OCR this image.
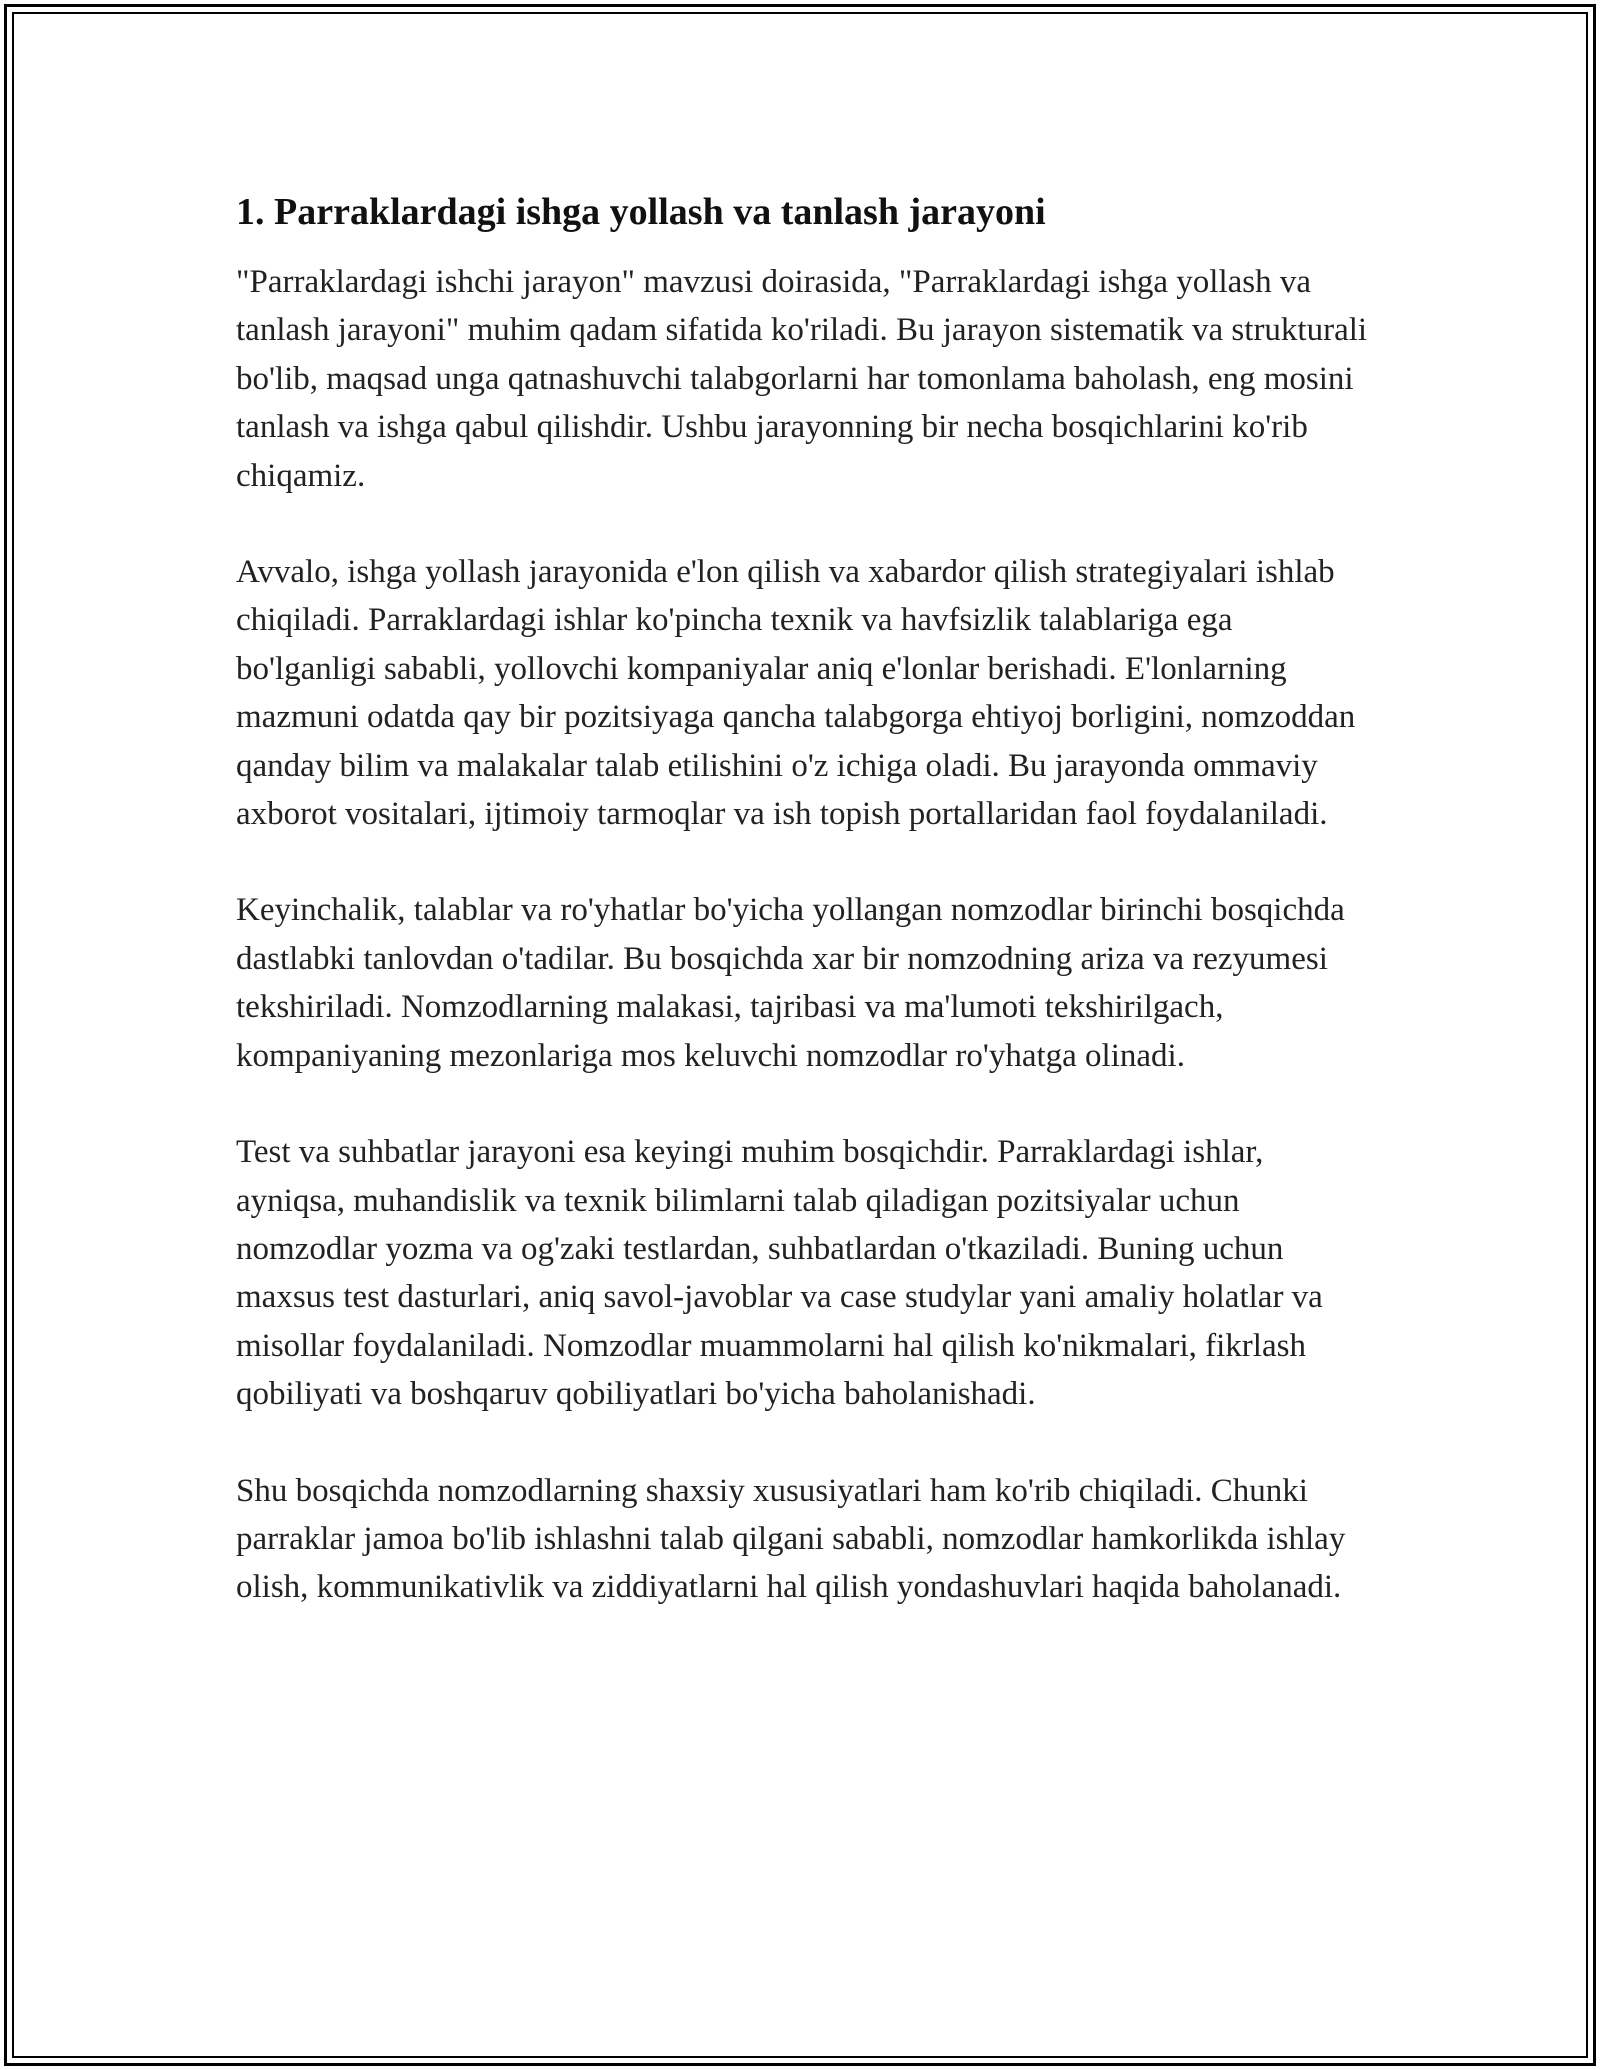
1. Parraklardagi ishga yollash va tanlash jarayoni

"Parraklardagi ishchi jarayon" mavzusi doirasida, "Parraklardagi ishga yollash va tanlash jarayoni" muhim qadam sifatida ko'riladi. Bu jarayon sistematik va strukturali bo'lib, maqsad unga qatnashuvchi talabgorlarni har tomonlama baholash, eng mosini tanlash va ishga qabul qilishdir. Ushbu jarayonning bir necha bosqichlarini ko'rib chiqamiz.

Avvalo, ishga yollash jarayonida e'lon qilish va xabardor qilish strategiyalari ishlab chiqiladi. Parraklardagi ishlar ko'pincha texnik va havfsizlik talablariga ega bo'lganligi sababli, yollovchi kompaniyalar aniq e'lonlar berishadi. E'lonlarning mazmuni odatda qay bir pozitsiyaga qancha talabgorga ehtiyoj borligini, nomzoddan qanday bilim va malakalar talab etilishini o'z ichiga oladi. Bu jarayonda ommaviy axborot vositalari, ijtimoiy tarmoqlar va ish topish portallaridan faol foydalaniladi.

Keyinchalik, talablar va ro'yhatlar bo'yicha yollangan nomzodlar birinchi bosqichda dastlabki tanlovdan o'tadilar. Bu bosqichda xar bir nomzodning ariza va rezyumesi tekshiriladi. Nomzodlarning malakasi, tajribasi va ma'lumoti tekshirilgach, kompaniyaning mezonlariga mos keluvchi nomzodlar ro'yhatga olinadi.

Test va suhbatlar jarayoni esa keyingi muhim bosqichdir. Parraklardagi ishlar, ayniqsa, muhandislik va texnik bilimlarni talab qiladigan pozitsiyalar uchun nomzodlar yozma va og'zaki testlardan, suhbatlardan o'tkaziladi. Buning uchun maxsus test dasturlari, aniq savol-javoblar va case studylar yani amaliy holatlar va misollar foydalaniladi. Nomzodlar muammolarni hal qilish ko'nikmalari, fikrlash qobiliyati va boshqaruv qobiliyatlari bo'yicha baholanishadi.

Shu bosqichda nomzodlarning shaxsiy xususiyatlari ham ko'rib chiqiladi. Chunki parraklar jamoa bo'lib ishlashni talab qilgani sababli, nomzodlar hamkorlikda ishlay olish, kommunikativlik va ziddiyatlarni hal qilish yondashuvlari haqida baholanadi.
